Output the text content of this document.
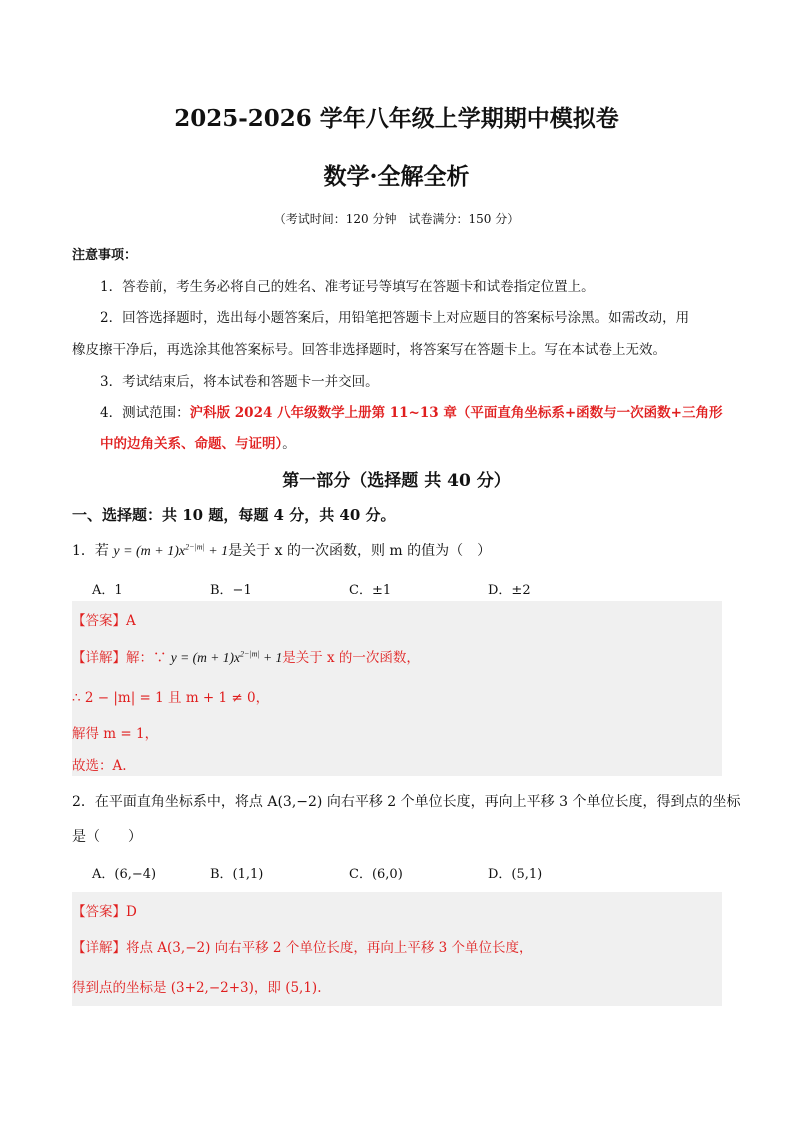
2025-2026 学年八年级上学期期中模拟卷
数学·全解全析
（考试时间：120 分钟　试卷满分：150 分）
注意事项：
1．答卷前，考生务必将自己的姓名、准考证号等填写在答题卡和试卷指定位置上。
2．回答选择题时，选出每小题答案后，用铅笔把答题卡上对应题目的答案标号涂黑。如需改动，用
橡皮擦干净后，再选涂其他答案标号。回答非选择题时，将答案写在答题卡上。写在本试卷上无效。
3．考试结束后，将本试卷和答题卡一并交回。
4．测试范围：沪科版 2024 八年级数学上册第 11~13 章（平面直角坐标系+函数与一次函数+三角形
中的边角关系、命题、与证明）。
第一部分（选择题 共 40 分）
一、选择题：共 10 题，每题 4 分，共 40 分。
1．若 $y = (m + 1)x^{2-|m|} + 1$是关于 x 的一次函数，则 m 的值为（　）
A．1	B．−1	C．±1	D．±2
【答案】A
【详解】解：∵ $y = (m + 1)x^{2-|m|} + 1$是关于 x 的一次函数，
∴ 2 − |m| = 1 且 m + 1 ≠ 0，
解得 m = 1，
故选：A.
2．在平面直角坐标系中，将点 A(3,−2) 向右平移 2 个单位长度，再向上平移 3 个单位长度，得到点的坐标
是（　　）
A．(6,−4)	B．(1,1)	C．(6,0)	D．(5,1)
【答案】D
【详解】将点 A(3,−2) 向右平移 2 个单位长度，再向上平移 3 个单位长度，
得到点的坐标是 (3+2,−2+3)，即 (5,1).
